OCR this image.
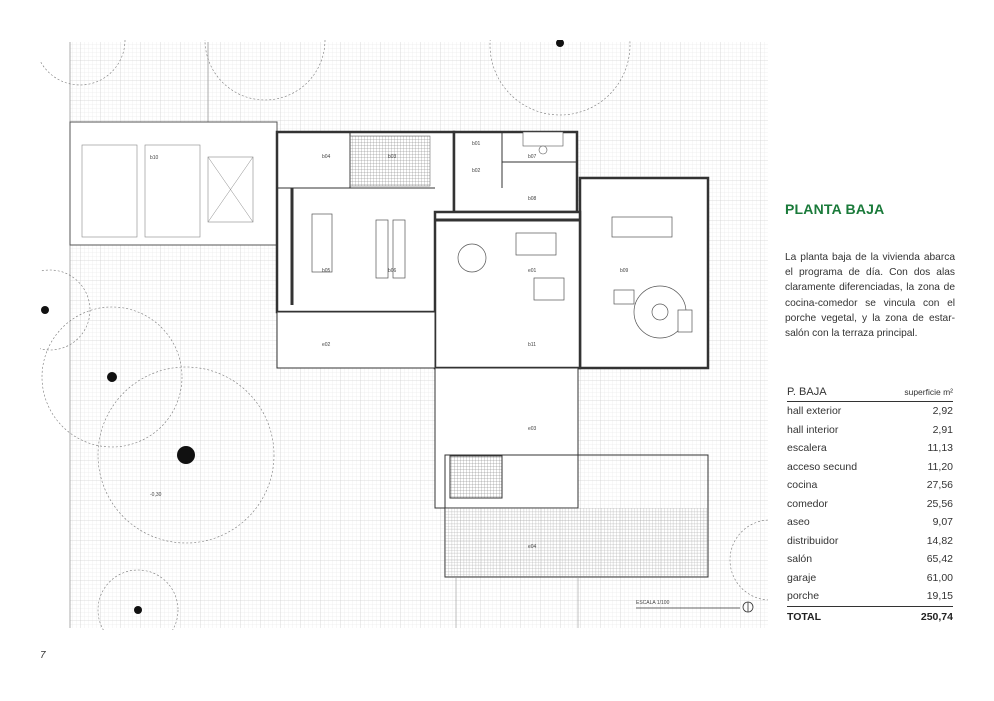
b10	b04	b03
b01
b02
b07
b08
b05	b06	e01	b09
e02	b11
e03
e04
-0,30
ESCALA 1/100
PLANTA BAJA
La planta baja de la vivienda abarca el programa de día. Con dos alas claramente diferenciadas, la zona de cocina-comedor se vincula con el porche vegetal, y la zona de estar-salón con la terraza principal.
P. BAJA	superficie m²
hall exterior	2,92
hall interior	2,91
escalera	11,13
acceso secund	11,20
cocina	27,56
comedor	25,56
aseo	9,07
distribuidor	14,82
salón	65,42
garaje	61,00
porche	19,15
TOTAL	250,74
7
